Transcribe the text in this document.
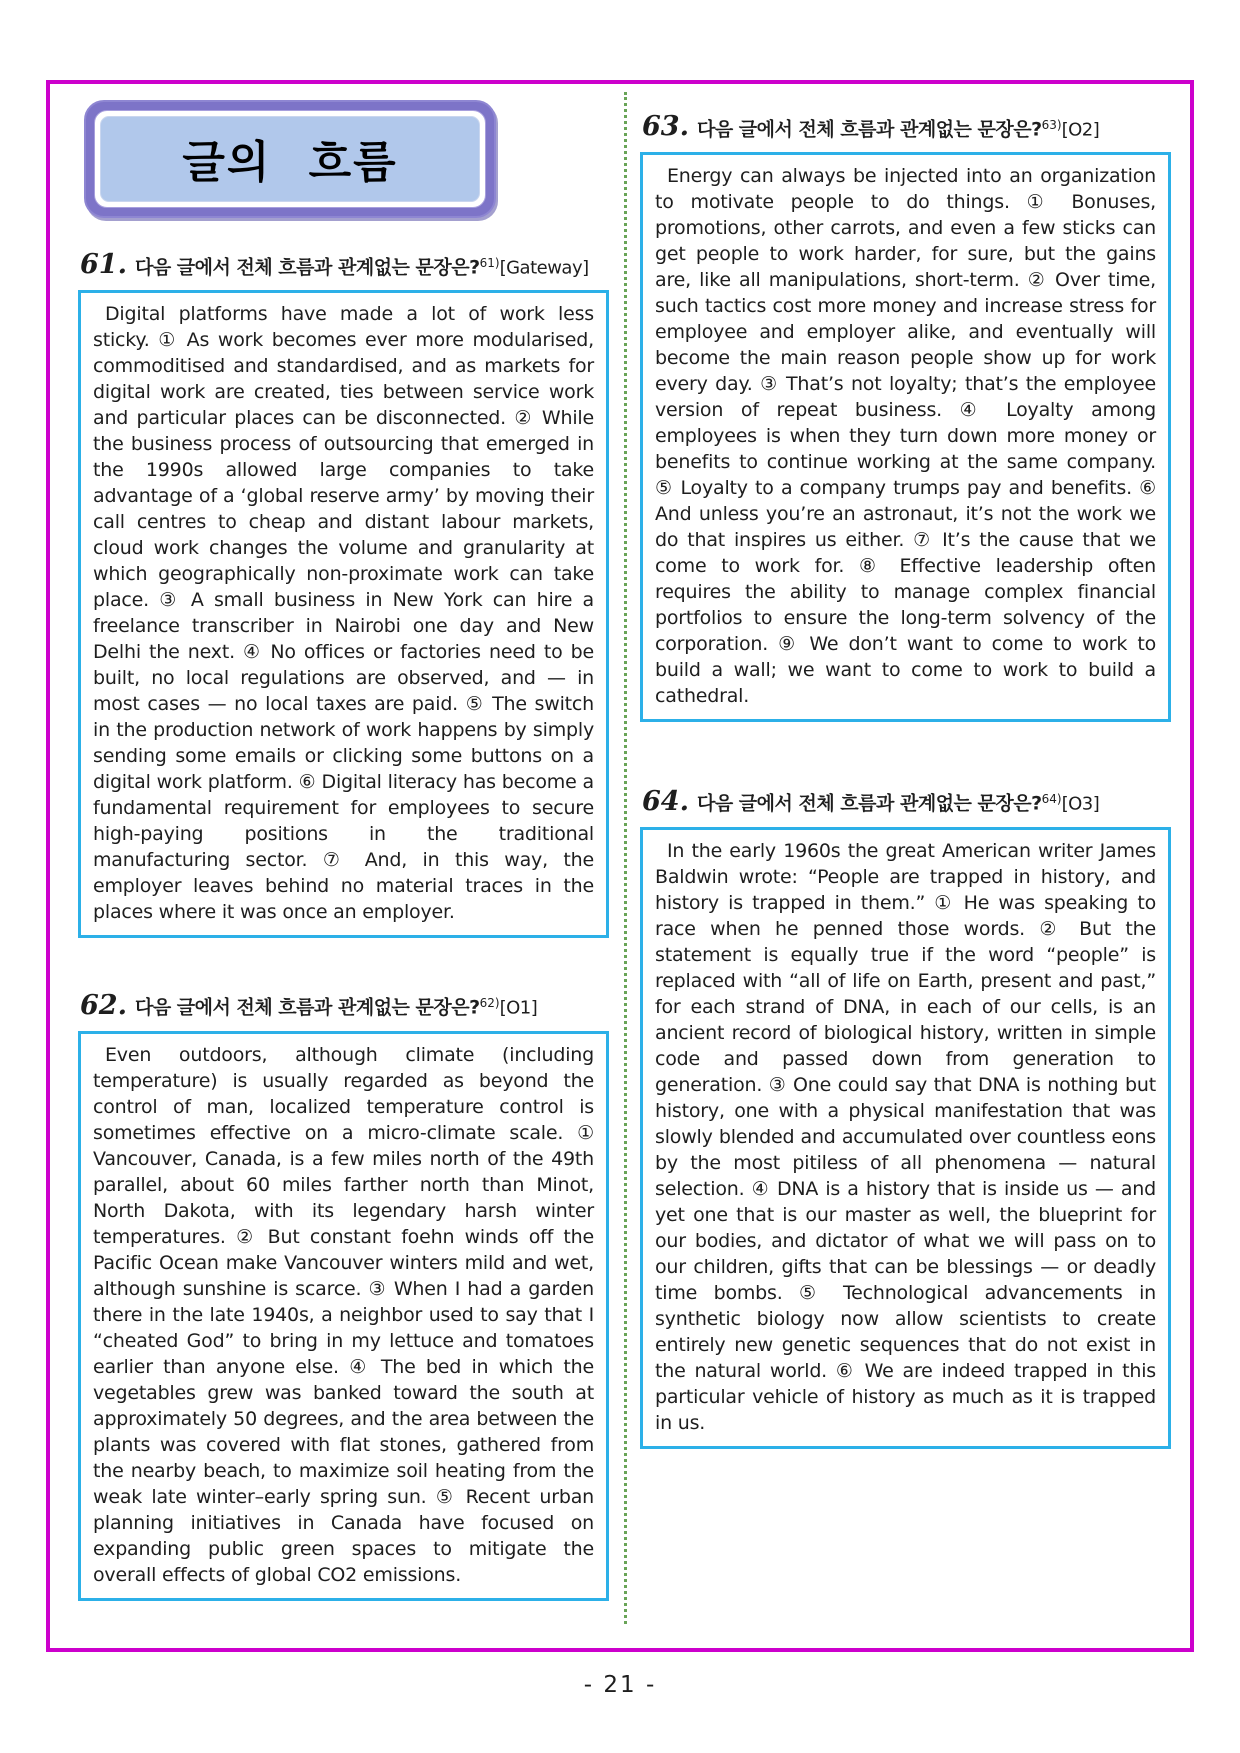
글의 흐름
61. 다음 글에서 전체 흐름과 관계없는 문장은?$^{61)}$[Gateway]
Digital platforms have made a lot of work less sticky. ① As work becomes ever more modularised, commoditised and standardised, and as markets for digital work are created, ties between service work and particular places can be disconnected. ② While the business process of outsourcing that emerged in the 1990s allowed large companies to take advantage of a ‘global reserve army’ by moving their call centres to cheap and distant labour markets, cloud work changes the volume and granularity at which geographically non-proximate work can take place. ③ A small business in New York can hire a freelance transcriber in Nairobi one day and New Delhi the next. ④ No offices or factories need to be built, no local regulations are observed, and — in most cases — no local taxes are paid. ⑤ The switch in the production network of work happens by simply sending some emails or clicking some buttons on a digital work platform. ⑥ Digital literacy has become a fundamental requirement for employees to secure high-paying positions in the traditional manufacturing sector. ⑦ And, in this way, the employer leaves behind no material traces in the places where it was once an employer.
62. 다음 글에서 전체 흐름과 관계없는 문장은?$^{62)}$[O1]
Even outdoors, although climate (including temperature) is usually regarded as beyond the control of man, localized temperature control is sometimes effective on a micro-climate scale. ① Vancouver, Canada, is a few miles north of the 49th parallel, about 60 miles farther north than Minot, North Dakota, with its legendary harsh winter temperatures. ② But constant foehn winds off the Pacific Ocean make Vancouver winters mild and wet, although sunshine is scarce. ③ When I had a garden there in the late 1940s, a neighbor used to say that I “cheated God” to bring in my lettuce and tomatoes earlier than anyone else. ④ The bed in which the vegetables grew was banked toward the south at approximately 50 degrees, and the area between the plants was covered with flat stones, gathered from the nearby beach, to maximize soil heating from the weak late winter–early spring sun. ⑤ Recent urban planning initiatives in Canada have focused on expanding public green spaces to mitigate the overall effects of global CO2 emissions.
63. 다음 글에서 전체 흐름과 관계없는 문장은?$^{63)}$[O2]
Energy can always be injected into an organization to motivate people to do things. ① Bonuses, promotions, other carrots, and even a few sticks can get people to work harder, for sure, but the gains are, like all manipulations, short-term. ② Over time, such tactics cost more money and increase stress for employee and employer alike, and eventually will become the main reason people show up for work every day. ③ That’s not loyalty; that’s the employee version of repeat business. ④ Loyalty among employees is when they turn down more money or benefits to continue working at the same company. ⑤ Loyalty to a company trumps pay and benefits. ⑥ And unless you’re an astronaut, it’s not the work we do that inspires us either. ⑦ It’s the cause that we come to work for. ⑧ Effective leadership often requires the ability to manage complex financial portfolios to ensure the long-term solvency of the corporation. ⑨ We don’t want to come to work to build a wall; we want to come to work to build a cathedral.
64. 다음 글에서 전체 흐름과 관계없는 문장은?$^{64)}$[O3]
In the early 1960s the great American writer James Baldwin wrote: “People are trapped in history, and history is trapped in them.” ① He was speaking to race when he penned those words. ② But the statement is equally true if the word “people” is replaced with “all of life on Earth, present and past,” for each strand of DNA, in each of our cells, is an ancient record of biological history, written in simple code and passed down from generation to generation. ③ One could say that DNA is nothing but history, one with a physical manifestation that was slowly blended and accumulated over countless eons by the most pitiless of all phenomena — natural selection. ④ DNA is a history that is inside us — and yet one that is our master as well, the blueprint for our bodies, and dictator of what we will pass on to our children, gifts that can be blessings — or deadly time bombs. ⑤ Technological advancements in synthetic biology now allow scientists to create entirely new genetic sequences that do not exist in the natural world. ⑥ We are indeed trapped in this particular vehicle of history as much as it is trapped in us.
- 21 -
